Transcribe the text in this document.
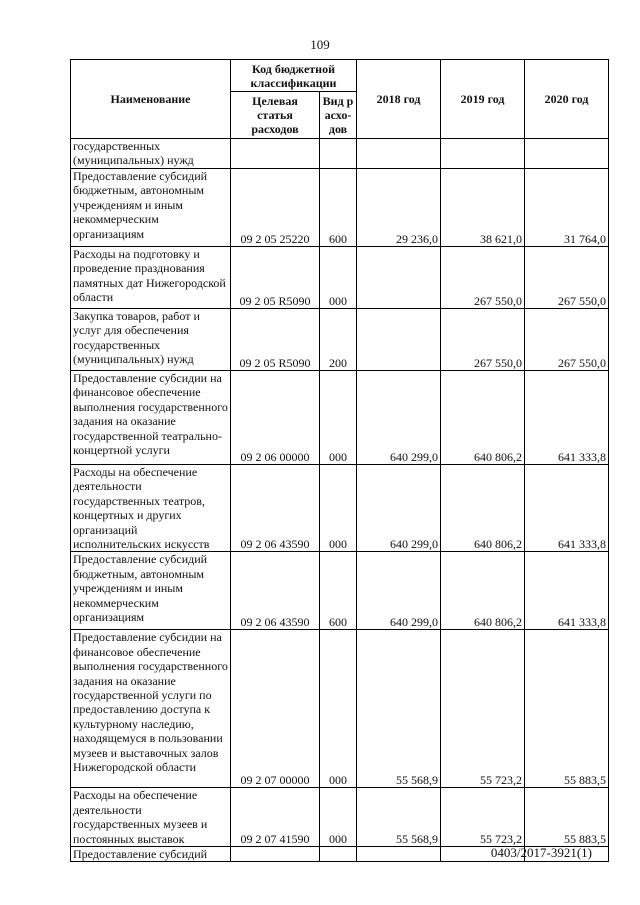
109
Наименование	Код бюджетной классификации		2018 год	2019 год	2020 год
	Целевая статья расходов	Вид расхо-дов			
государственных (муниципальных) нужд					
Предоставление субсидий бюджетным, автономным учреждениям и иным некоммерческим организациям	09 2 05 25220	600	29 236,0	38 621,0	31 764,0
Расходы на подготовку и проведение празднования памятных дат Нижегородской области	09 2 05 R5090	000		267 550,0	267 550,0
Закупка товаров, работ и услуг для обеспечения государственных (муниципальных) нужд	09 2 05 R5090	200		267 550,0	267 550,0
Предоставление субсидии на финансовое обеспечение выполнения государственного задания на оказание государственной театрально-концертной услуги	09 2 06 00000	000	640 299,0	640 806,2	641 333,8
Расходы на обеспечение деятельности государственных театров, концертных и других организаций исполнительских искусств	09 2 06 43590	000	640 299,0	640 806,2	641 333,8
Предоставление субсидий бюджетным, автономным учреждениям и иным некоммерческим организациям	09 2 06 43590	600	640 299,0	640 806,2	641 333,8
Предоставление субсидии на финансовое обеспечение выполнения государственного задания на оказание государственной услуги по предоставлению доступа к культурному наследию, находящемуся в пользовании музеев и выставочных залов Нижегородской области	09 2 07 00000	000	55 568,9	55 723,2	55 883,5
Расходы на обеспечение деятельности государственных музеев и постоянных выставок	09 2 07 41590	000	55 568,9	55 723,2	55 883,5
Предоставление субсидий						0403/2017-3921(1)
